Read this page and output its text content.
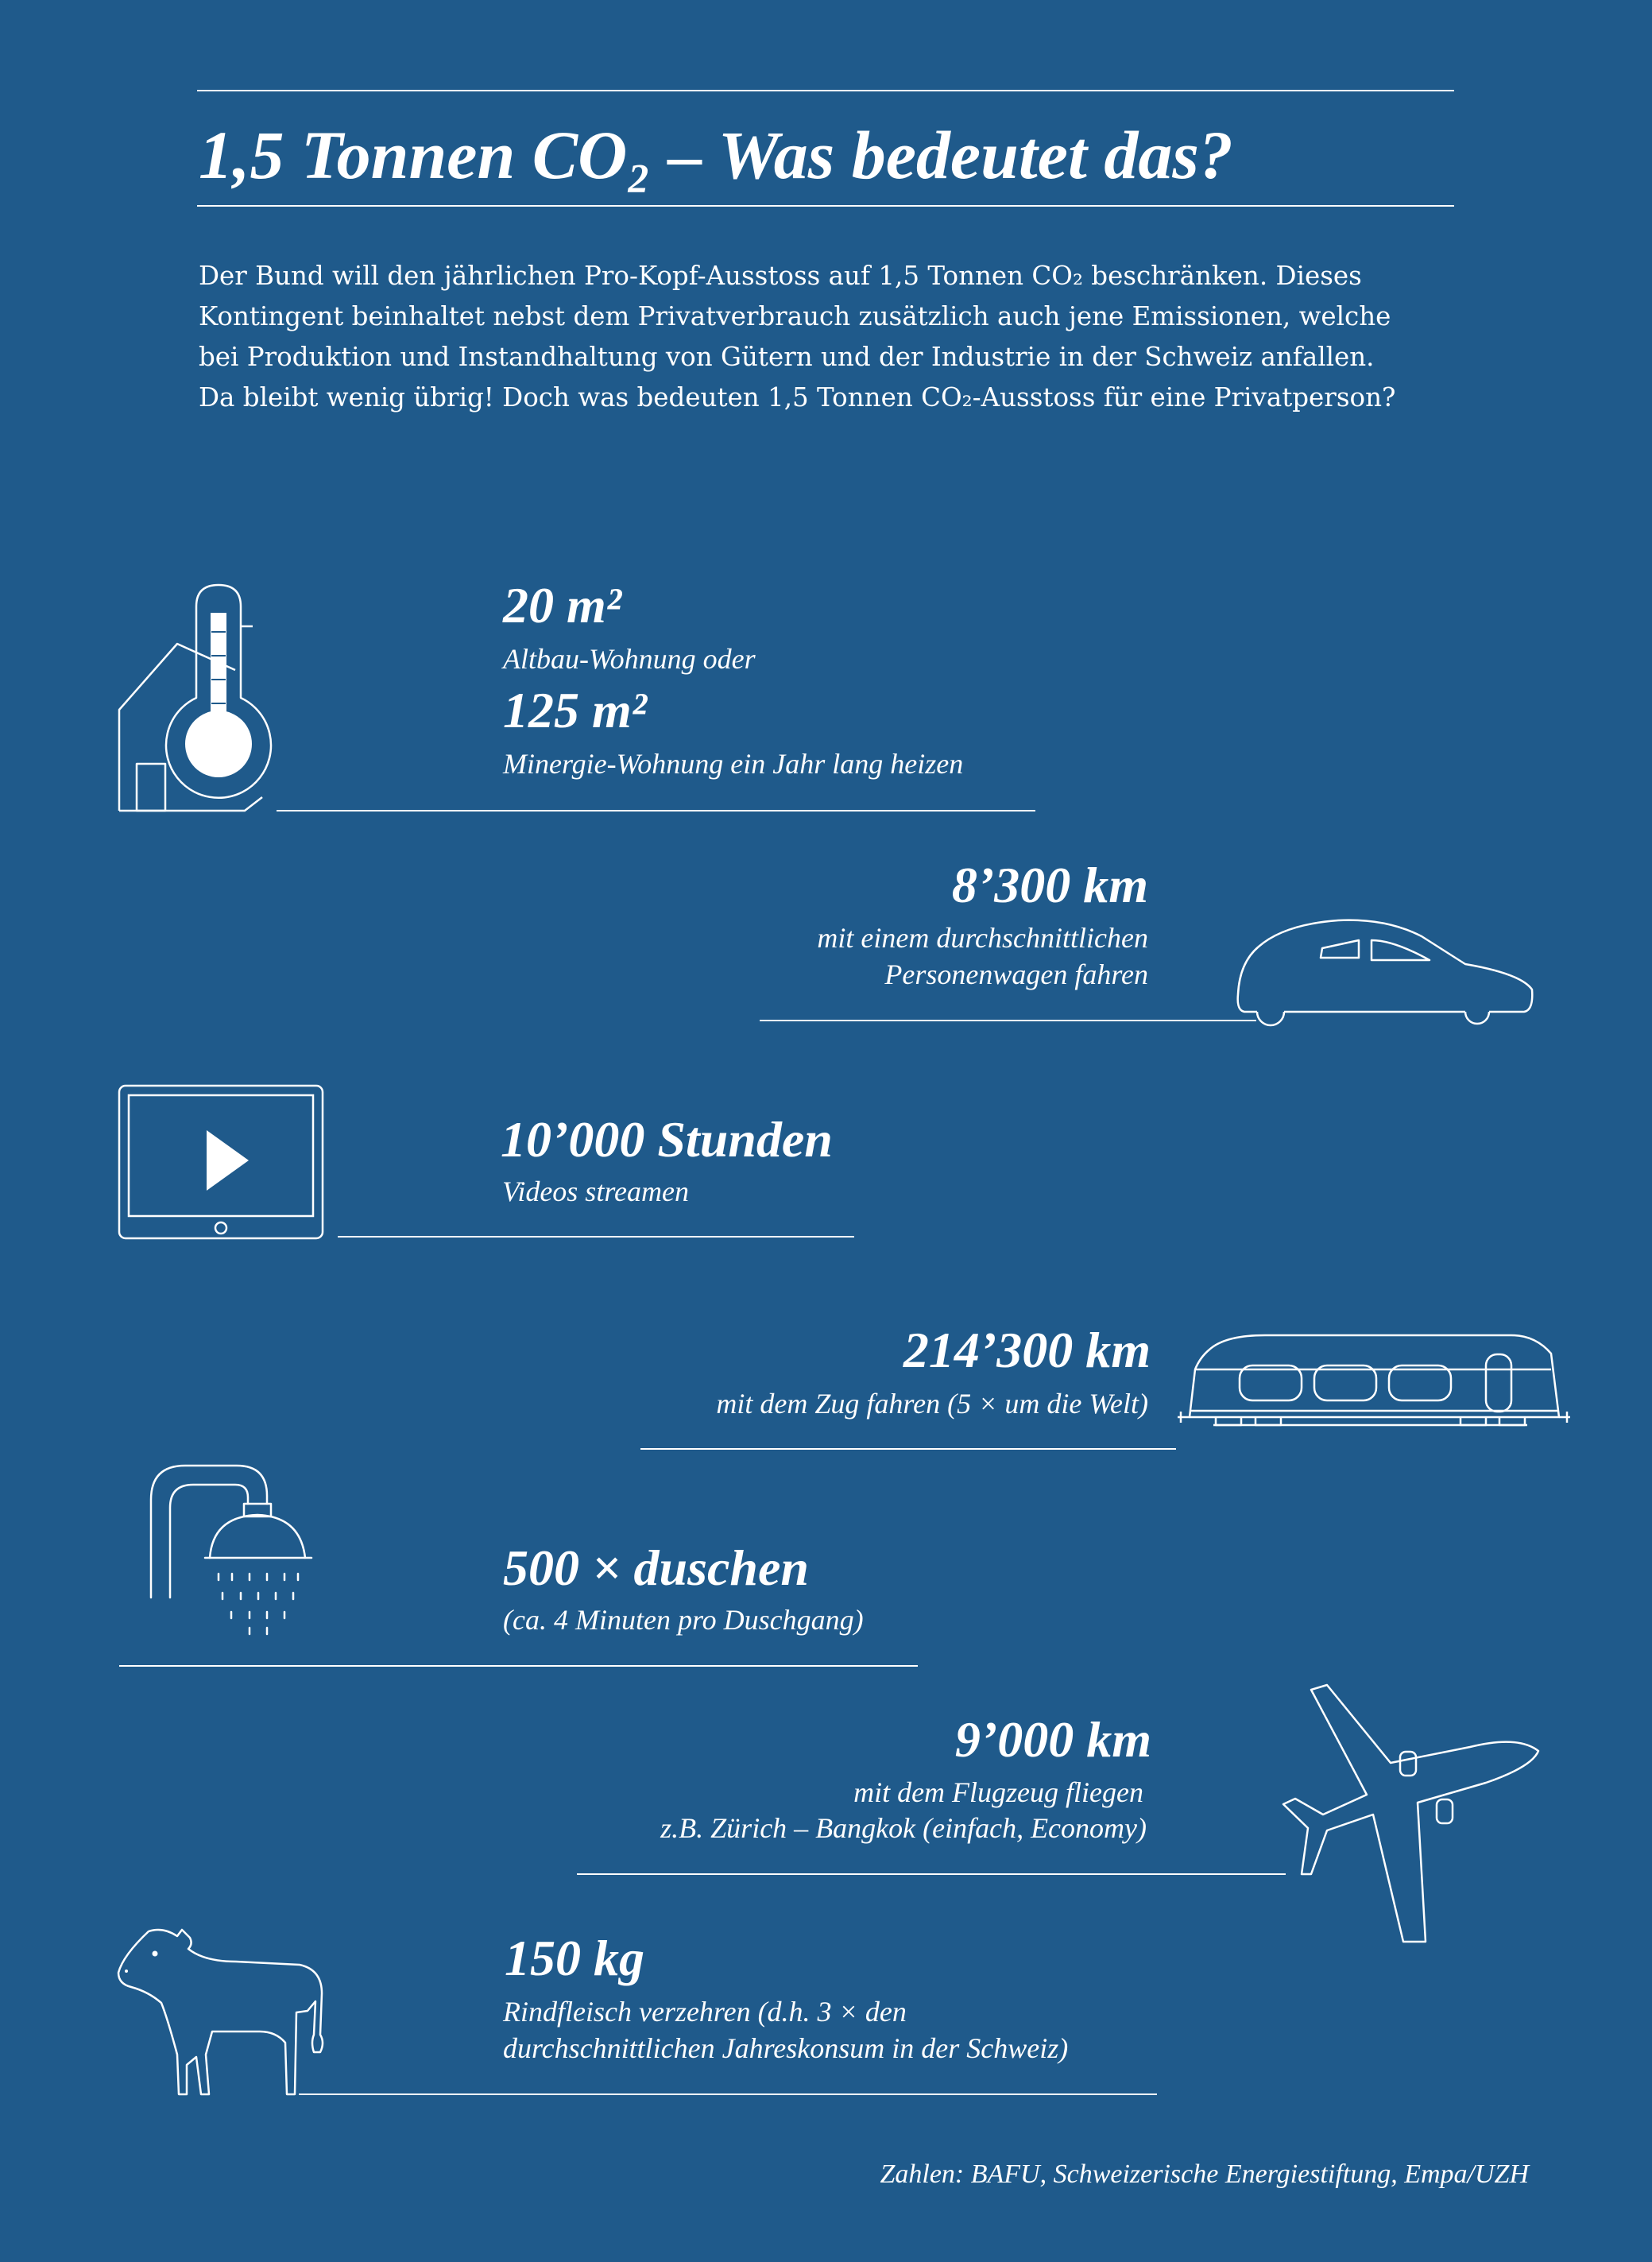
1,5 Tonnen CO₂ – Was bedeutet das?
Der Bund will den jährlichen Pro-Kopf-Ausstoss auf 1,5 Tonnen CO₂ beschränken. Dieses
Kontingent beinhaltet nebst dem Privatverbrauch zusätzlich auch jene Emissionen, welche
bei Produktion und Instandhaltung von Gütern und der Industrie in der Schweiz anfallen.
Da bleibt wenig übrig! Doch was bedeuten 1,5 Tonnen CO₂-Ausstoss für eine Privatperson?
20 m²
Altbau-Wohnung oder
125 m²
Minergie-Wohnung ein Jahr lang heizen
8’300 km
mit einem durchschnittlichen
Personenwagen fahren
10’000 Stunden
Videos streamen
214’300 km
mit dem Zug fahren (5 × um die Welt)
500 × duschen
(ca. 4 Minuten pro Duschgang)
9’000 km
mit dem Flugzeug fliegen
z.B. Zürich – Bangkok (einfach, Economy)
150 kg
Rindfleisch verzehren (d.h. 3 × den
durchschnittlichen Jahreskonsum in der Schweiz)
Zahlen: BAFU, Schweizerische Energiestiftung, Empa/UZH
